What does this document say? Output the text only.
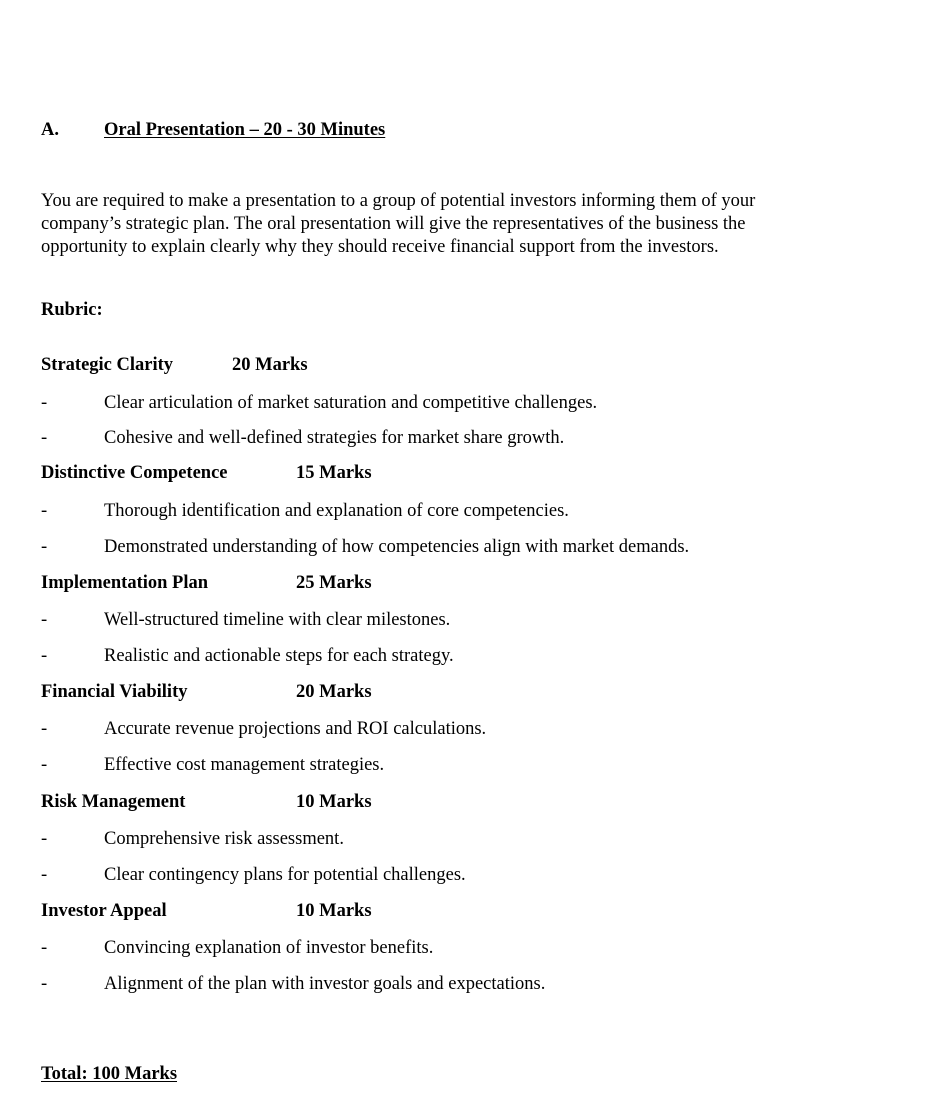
A. Oral Presentation – 20 - 30 Minutes
You are required to make a presentation to a group of potential investors informing them of your
company’s strategic plan. The oral presentation will give the representatives of the business the
opportunity to explain clearly why they should receive financial support from the investors.
Rubric:
Strategic Clarity	20 Marks
-	Clear articulation of market saturation and competitive challenges.
-	Cohesive and well-defined strategies for market share growth.
Distinctive Competence	15 Marks
-	Thorough identification and explanation of core competencies.
-	Demonstrated understanding of how competencies align with market demands.
Implementation Plan	25 Marks
-	Well-structured timeline with clear milestones.
-	Realistic and actionable steps for each strategy.
Financial Viability	20 Marks
-	Accurate revenue projections and ROI calculations.
-	Effective cost management strategies.
Risk Management	10 Marks
-	Comprehensive risk assessment.
-	Clear contingency plans for potential challenges.
Investor Appeal	10 Marks
-	Convincing explanation of investor benefits.
-	Alignment of the plan with investor goals and expectations.
Total: 100 Marks
